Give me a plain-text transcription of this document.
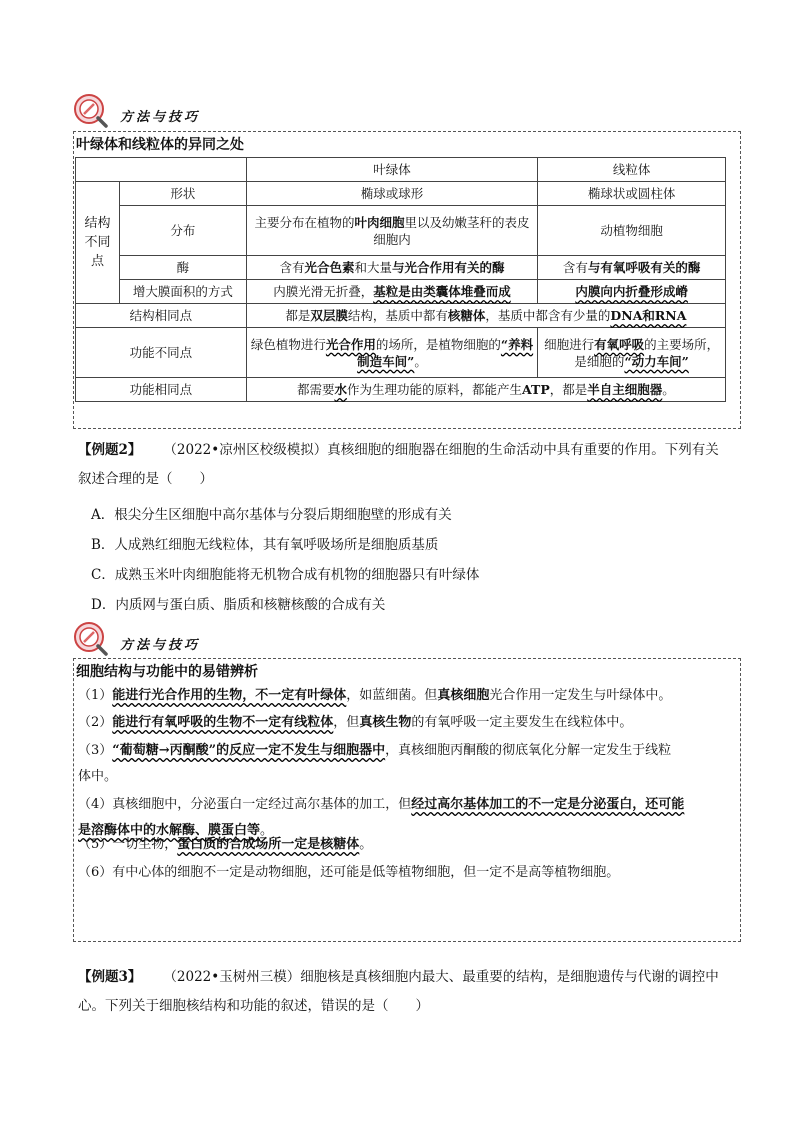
方法与技巧
叶绿体和线粒体的异同之处
		叶绿体	线粒体
结构不同点	形状	椭球或球形	椭球状或圆柱体
	分布	主要分布在植物的叶肉细胞里以及幼嫩茎秆的表皮细胞内	动植物细胞
	酶	含有光合色素和大量与光合作用有关的酶	含有与有氧呼吸有关的酶
	增大膜面积的方式	内膜光滑无折叠，基粒是由类囊体堆叠而成	内膜向内折叠形成嵴
结构相同点		都是双层膜结构，基质中都有核糖体，基质中都含有少量的DNA和RNA	
功能不同点		绿色植物进行光合作用的场所，是植物细胞的“养料制造车间”。	细胞进行有氧呼吸的主要场所，是细胞的“动力车间”
功能相同点		都需要水作为生理功能的原料，都能产生ATP，都是半自主细胞器。	
【例题2】 （2022•凉州区校级模拟）真核细胞的细胞器在细胞的生命活动中具有重要的作用。下列有关
叙述合理的是（　　）
A．根尖分生区细胞中高尔基体与分裂后期细胞壁的形成有关
B．人成熟红细胞无线粒体，其有氧呼吸场所是细胞质基质
C．成熟玉米叶肉细胞能将无机物合成有机物的细胞器只有叶绿体
D．内质网与蛋白质、脂质和核糖核酸的合成有关
方法与技巧
细胞结构与功能中的易错辨析
（1）能进行光合作用的生物，不一定有叶绿体，如蓝细菌。但真核细胞光合作用一定发生与叶绿体中。
（2）能进行有氧呼吸的生物不一定有线粒体，但真核生物的有氧呼吸一定主要发生在线粒体中。
（3）“葡萄糖→丙酮酸”的反应一定不发生与细胞器中，真核细胞丙酮酸的彻底氧化分解一定发生于线粒
体中。
（4）真核细胞中，分泌蛋白一定经过高尔基体的加工，但经过高尔基体加工的不一定是分泌蛋白，还可能
是溶酶体中的水解酶、膜蛋白等。
（5）一切生物，蛋白质的合成场所一定是核糖体。
（6）有中心体的细胞不一定是动物细胞，还可能是低等植物细胞，但一定不是高等植物细胞。
【例题3】 （2022•玉树州三模）细胞核是真核细胞内最大、最重要的结构，是细胞遗传与代谢的调控中
心。下列关于细胞核结构和功能的叙述，错误的是（　　）
